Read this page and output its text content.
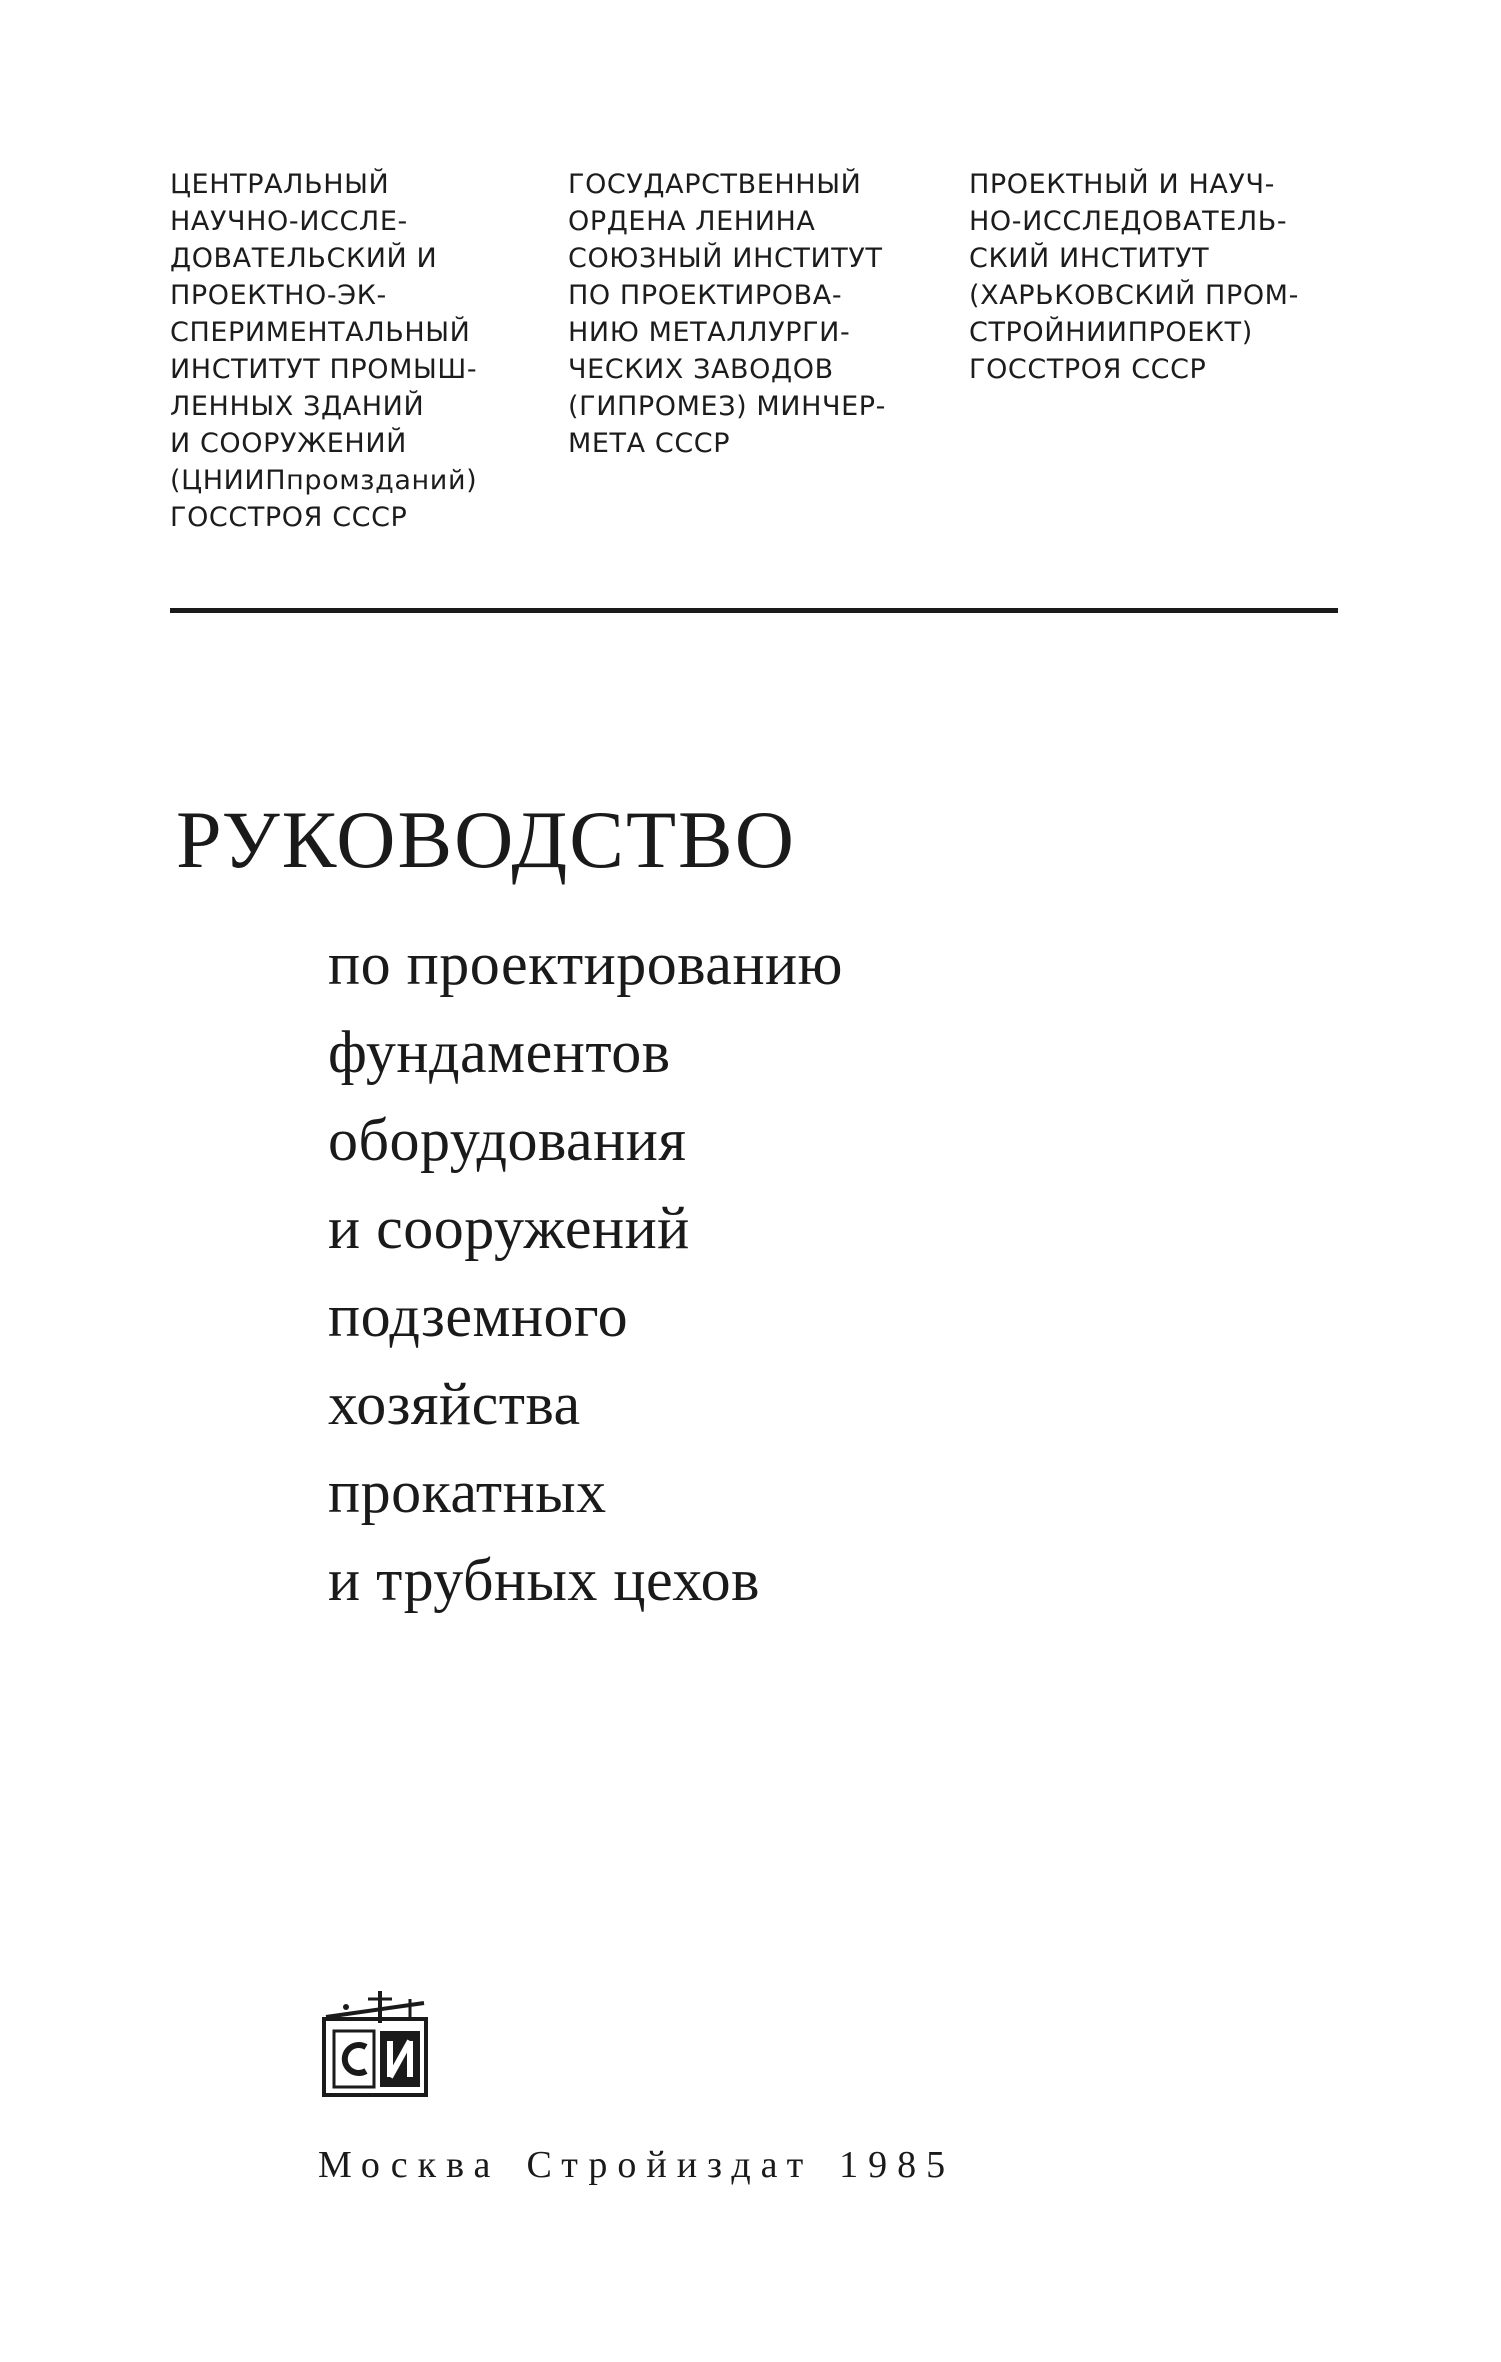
ЦЕНТРАЛЬНЫЙ
НАУЧНО-ИССЛЕ-
ДОВАТЕЛЬСКИЙ И
ПРОЕКТНО-ЭК-
СПЕРИМЕНТАЛЬНЫЙ
ИНСТИТУТ ПРОМЫШ-
ЛЕННЫХ ЗДАНИЙ
И СООРУЖЕНИЙ
(ЦНИИПпромзданий)
ГОССТРОЯ СССР
ГОСУДАРСТВЕННЫЙ
ОРДЕНА ЛЕНИНА
СОЮЗНЫЙ ИНСТИТУТ
ПО ПРОЕКТИРОВА-
НИЮ МЕТАЛЛУРГИ-
ЧЕСКИХ ЗАВОДОВ
(ГИПРОМЕЗ) МИНЧЕР-
МЕТА СССР
ПРОЕКТНЫЙ И НАУЧ-
НО-ИССЛЕДОВАТЕЛЬ-
СКИЙ ИНСТИТУТ
(ХАРЬКОВСКИЙ ПРОМ-
СТРОЙНИИПРОЕКТ)
ГОССТРОЯ СССР
РУКОВОДСТВО
по проектированию
фундаментов
оборудования
и сооружений
подземного
хозяйства
прокатных
и трубных цехов
Москва Стройиздат 1985
